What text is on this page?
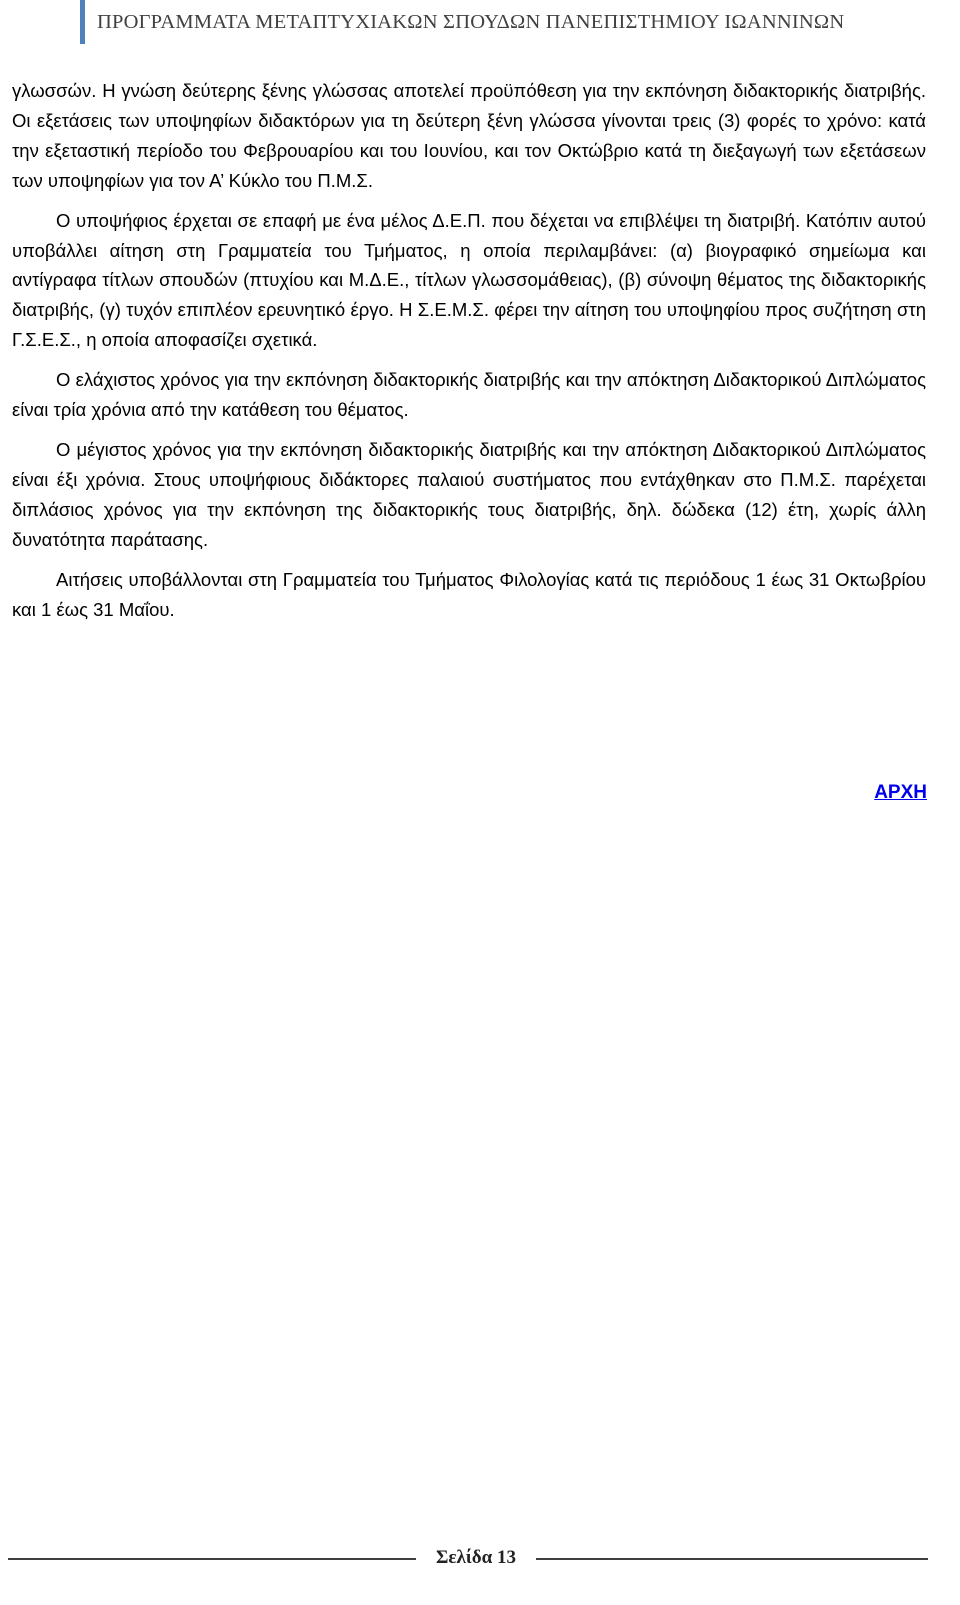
ΠΡΟΓΡΑΜΜΑΤΑ ΜΕΤΑΠΤΥΧΙΑΚΩΝ ΣΠΟΥΔΩΝ ΠΑΝΕΠΙΣΤΗΜΙΟΥ ΙΩΑΝΝΙΝΩΝ

γλωσσών. Η γνώση δεύτερης ξένης γλώσσας αποτελεί προϋπόθεση για την εκπόνηση διδακτορικής διατριβής. Οι εξετάσεις των υποψηφίων διδακτόρων για τη δεύτερη ξένη γλώσσα γίνονται τρεις (3) φορές το χρόνο: κατά την εξεταστική περίοδο του Φεβρουαρίου και του Ιουνίου, και τον Οκτώβριο κατά τη διεξαγωγή των εξετάσεων των υποψηφίων για τον Α’ Κύκλο του Π.Μ.Σ.

Ο υποψήφιος έρχεται σε επαφή με ένα μέλος Δ.Ε.Π. που δέχεται να επιβλέψει τη διατριβή. Κατόπιν αυτού υποβάλλει αίτηση στη Γραμματεία του Τμήματος, η οποία περιλαμβάνει: (α) βιογραφικό σημείωμα και αντίγραφα τίτλων σπουδών (πτυχίου και Μ.Δ.Ε., τίτλων γλωσσομάθειας), (β) σύνοψη θέματος της διδακτορικής διατριβής, (γ) τυχόν επιπλέον ερευνητικό έργο. Η Σ.Ε.Μ.Σ. φέρει την αίτηση του υποψηφίου προς συζήτηση στη Γ.Σ.Ε.Σ., η οποία αποφασίζει σχετικά.

Ο ελάχιστος χρόνος για την εκπόνηση διδακτορικής διατριβής και την απόκτηση Διδακτορικού Διπλώματος είναι τρία χρόνια από την κατάθεση του θέματος.

Ο μέγιστος χρόνος για την εκπόνηση διδακτορικής διατριβής και την απόκτηση Διδακτορικού Διπλώματος είναι έξι χρόνια. Στους υποψήφιους διδάκτορες παλαιού συστήματος που εντάχθηκαν στο Π.Μ.Σ. παρέχεται διπλάσιος χρόνος για την εκπόνηση της διδακτορικής τους διατριβής, δηλ. δώδεκα (12) έτη, χωρίς άλλη δυνατότητα παράτασης.

Αιτήσεις υποβάλλονται στη Γραμματεία του Τμήματος Φιλολογίας κατά τις περιόδους 1 έως 31 Οκτωβρίου και 1 έως 31 Μαΐου.

ΑΡΧΗ
Σελίδα 13
